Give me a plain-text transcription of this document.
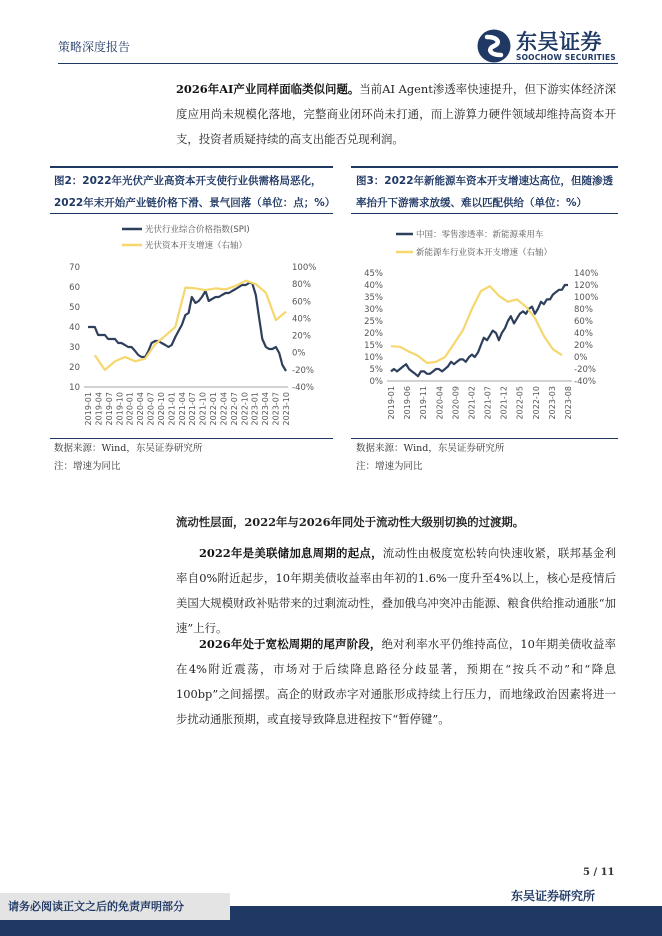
策略深度报告	东吴证券
SOOCHOW SECURITIES
2026年AI产业同样面临类似问题。当前AI Agent渗透率快速提升，但下游实体经济深度应用尚未规模化落地，完整商业闭环尚未打通，而上游算力硬件领域却维持高资本开支，投资者质疑持续的高支出能否兑现利润。
图2：2022年光伏产业高资本开支使行业供需格局恶化，2022年末开始产业链价格下滑、景气回落（单位：点；%）
光伏行业综合价格指数(SPI)
光伏资本开支增速（右轴）
70
60
50
40
30
20
10
100%
80%
60%
40%
20%
0%
-20%
-40%
2019-01 2019-04 2019-07 2019-10 2020-01 2020-04 2020-07 2020-10 2021-01 2021-04 2021-07 2021-10 2022-01 2022-04 2022-07 2022-10 2023-01 2023-04 2023-07 2023-10
数据来源：Wind，东吴证券研究所
注：增速为同比
图3：2022年新能源车资本开支增速达高位，但随渗透率抬升下游需求放缓、难以匹配供给（单位：%）
中国：零售渗透率：新能源乘用车
新能源车行业资本开支增速（右轴）
45%
40%
35%
30%
25%
20%
15%
10%
5%
0%
140%
120%
100%
80%
60%
40%
20%
0%
-20%
-40%
2019-01 2019-06 2019-11 2020-04 2020-09 2021-02 2021-07 2021-12 2022-05 2022-10 2023-03 2023-08
数据来源：Wind，东吴证券研究所
注：增速为同比
流动性层面，2022年与2026年同处于流动性大级别切换的过渡期。
2022年是美联储加息周期的起点，流动性由极度宽松转向快速收紧，联邦基金利率自0%附近起步，10年期美债收益率由年初的1.6%一度升至4%以上，核心是疫情后美国大规模财政补贴带来的过剩流动性，叠加俄乌冲突冲击能源、粮食供给推动通胀“加速”上行。
2026年处于宽松周期的尾声阶段，绝对利率水平仍维持高位，10年期美债收益率在4%附近震荡，市场对于后续降息路径分歧显著，预期在“按兵不动”和“降息100bp”之间摇摆。高企的财政赤字对通胀形成持续上行压力，而地缘政治因素将进一步扰动通胀预期，或直接导致降息进程按下“暂停键”。
5 / 11
东吴证券研究所
请务必阅读正文之后的免责声明部分
